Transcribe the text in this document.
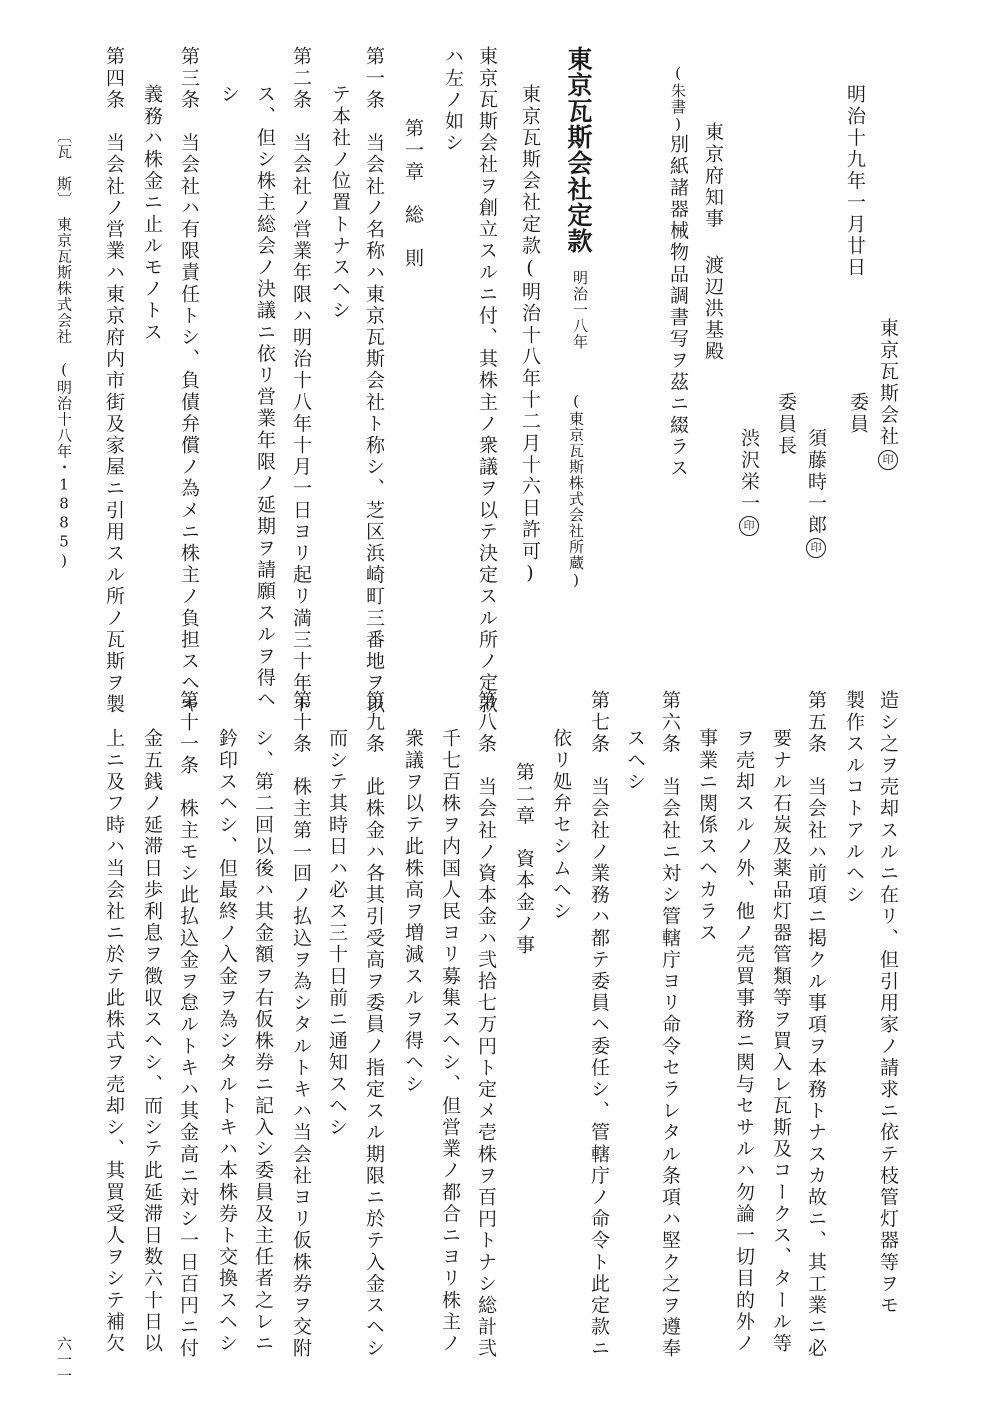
東京瓦斯会社印
委員
須藤時一郎印
委員長
渋沢栄一印
明治十九年一月廿日
東京府知事 渡辺洪基殿
(朱書)別紙諸器械物品調書写ヲ茲ニ綴ラス
東京瓦斯会社定款
明治一八年
(東京瓦斯株式会社所蔵)
東京瓦斯会社定款(明治十八年十二月十六日許可)
東京瓦斯会社ヲ創立スルニ付、其株主ノ衆議ヲ以テ決定スル所ノ定款
ハ左ノ如シ
第一章　総　則
第一条　当会社ノ名称ハ東京瓦斯会社ト称シ、芝区浜崎町三番地ヲ以
テ本社ノ位置トナスヘシ
第二条　当会社ノ営業年限ハ明治十八年十月一日ヨリ起リ満三十年ト
ス、但シ株主総会ノ決議ニ依リ営業年限ノ延期ヲ請願スルヲ得ヘ
シ
第三条　当会社ハ有限責任トシ、負債弁償ノ為メニ株主ノ負担スヘキ
義務ハ株金ニ止ルモノトス
第四条　当会社ノ営業ハ東京府内市街及家屋ニ引用スル所ノ瓦斯ヲ製
〔瓦　斯〕　東京瓦斯株式会社　(明治十八年・1885)
造シ之ヲ売却スルニ在リ、但引用家ノ請求ニ依テ枝管灯器等ヲモ
製作スルコトアルヘシ
第五条　当会社ハ前項ニ掲クル事項ヲ本務トナスカ故ニ、其工業ニ必
要ナル石炭及薬品灯器管類等ヲ買入レ瓦斯及コークス、タール等
ヲ売却スルノ外、他ノ売買事務ニ関与セサルハ勿論一切目的外ノ
事業ニ関係スヘカラス
第六条　当会社ニ対シ管轄庁ヨリ命令セラレタル条項ハ堅ク之ヲ遵奉
スヘシ
第七条　当会社ノ業務ハ都テ委員ヘ委任シ、管轄庁ノ命令ト此定款ニ
依リ処弁セシムヘシ
第二章　資本金ノ事
第八条　当会社ノ資本金ハ弐拾七万円ト定メ壱株ヲ百円トナシ総計弐
千七百株ヲ内国人民ヨリ募集スヘシ、但営業ノ都合ニヨリ株主ノ
衆議ヲ以テ此株高ヲ増減スルヲ得ヘシ
第九条　此株金ハ各其引受高ヲ委員ノ指定スル期限ニ於テ入金スヘシ
而シテ其時日ハ必ス三十日前ニ通知スヘシ
第十条　株主第一回ノ払込ヲ為シタルトキハ当会社ヨリ仮株券ヲ交附
シ、第二回以後ハ其金額ヲ右仮株券ニ記入シ委員及主任者之レニ
鈐印スヘシ、但最終ノ入金ヲ為シタルトキハ本株券ト交換スヘシ
第十一条　株主モシ此払込金ヲ怠ルトキハ其金高ニ対シ一日百円ニ付
金五銭ノ延滞日歩利息ヲ徴収スヘシ、而シテ此延滞日数六十日以
上ニ及フ時ハ当会社ニ於テ此株式ヲ売却シ、其買受人ヲシテ補欠
六一一
